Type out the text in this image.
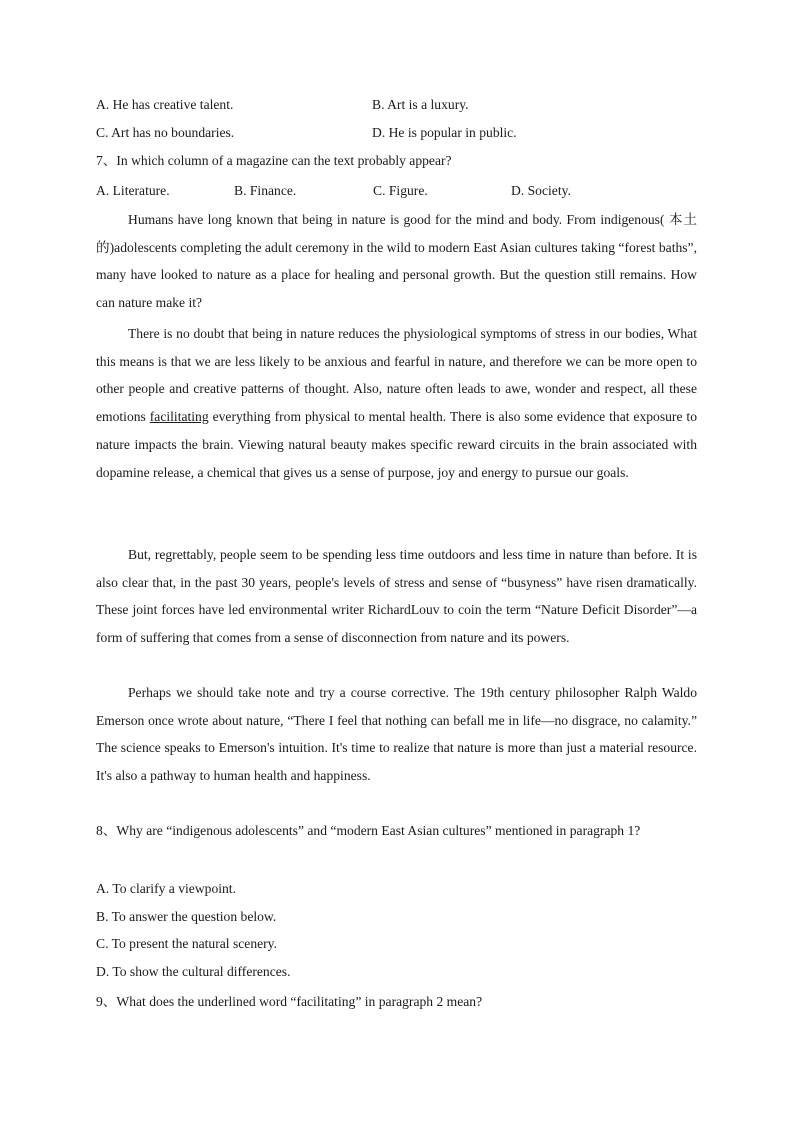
A. He has creative talent.	B. Art is a luxury.
C. Art has no boundaries.	D. He is popular in public.
7、In which column of a magazine can the text probably appear?
A. Literature.	B. Finance.	C. Figure.	D. Society.
Humans have long known that being in nature is good for the mind and body. From indigenous( 本土的)adolescents completing the adult ceremony in the wild to modern East Asian cultures taking “forest baths”, many have looked to nature as a place for healing and personal growth. But the question still remains. How can nature make it?
There is no doubt that being in nature reduces the physiological symptoms of stress in our bodies, What this means is that we are less likely to be anxious and fearful in nature, and therefore we can be more open to other people and creative patterns of thought. Also, nature often leads to awe, wonder and respect, all these emotions facilitating everything from physical to mental health. There is also some evidence that exposure to nature impacts the brain. Viewing natural beauty makes specific reward circuits in the brain associated with dopamine release, a chemical that gives us a sense of purpose, joy and energy to pursue our goals.
But, regrettably, people seem to be spending less time outdoors and less time in nature than before. It is also clear that, in the past 30 years, people's levels of stress and sense of “busyness” have risen dramatically. These joint forces have led environmental writer RichardLouv to coin the term “Nature Deficit Disorder”—a form of suffering that comes from a sense of disconnection from nature and its powers.
Perhaps we should take note and try a course corrective. The 19th century philosopher Ralph Waldo Emerson once wrote about nature, “There I feel that nothing can befall me in life—no disgrace, no calamity.” The science speaks to Emerson's intuition. It's time to realize that nature is more than just a material resource. It's also a pathway to human health and happiness.
8、Why are “indigenous adolescents” and “modern East Asian cultures” mentioned in paragraph 1?
A. To clarify a viewpoint.
B. To answer the question below.
C. To present the natural scenery.
D. To show the cultural differences.
9、What does the underlined word “facilitating” in paragraph 2 mean?
